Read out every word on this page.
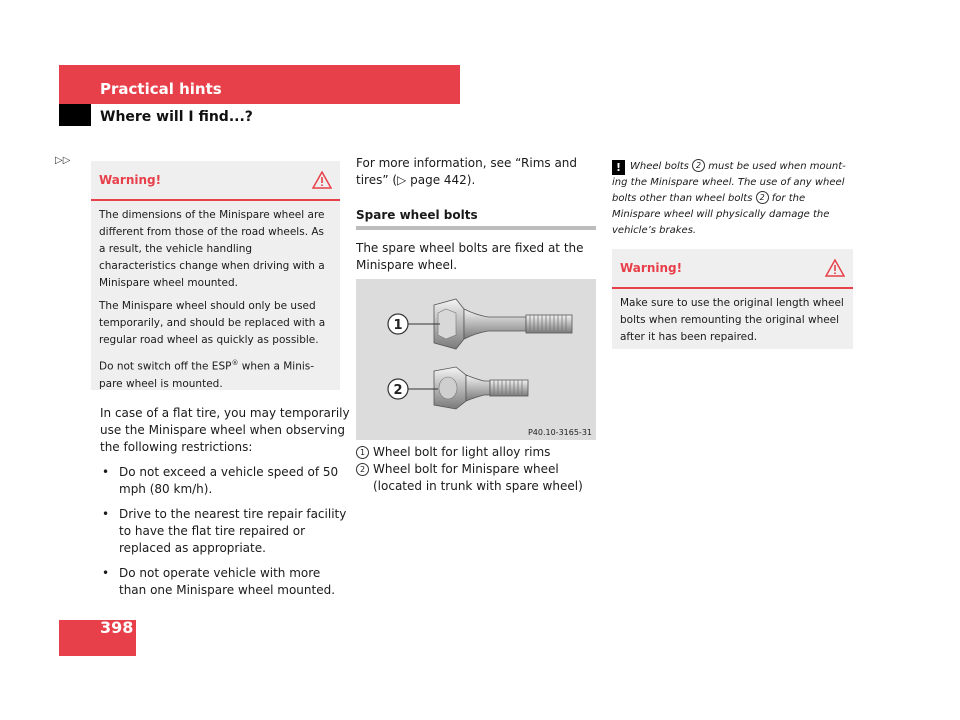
Practical hints
Where will I find...?
▷▷
Warning!

The dimensions of the Minispare wheel are different from those of the road wheels. As a result, the vehicle handling characteristics change when driving with a Minispare wheel mounted.

The Minispare wheel should only be used temporarily, and should be replaced with a regular road wheel as quickly as possible.

Do not switch off the ESP® when a Minis-pare wheel is mounted.

In case of a flat tire, you may temporarily use the Minispare wheel when observing the following restrictions:

• Do not exceed a vehicle speed of 50 mph (80 km/h).
• Drive to the nearest tire repair facility to have the flat tire repaired or replaced as appropriate.
• Do not operate vehicle with more than one Minispare wheel mounted.

For more information, see “Rims and tires” (▷ page 442).

Spare wheel bolts
The spare wheel bolts are fixed at the Minispare wheel.
1
2
P40.10-3165-31
1 Wheel bolt for light alloy rims
2 Wheel bolt for Minispare wheel (located in trunk with spare wheel)
! Wheel bolts 2 must be used when mount-ing the Minispare wheel. The use of any wheel bolts other than wheel bolts 2 for the Minispare wheel will physically damage the vehicle’s brakes.
Warning!

Make sure to use the original length wheel bolts when remounting the original wheel after it has been repaired.

398
